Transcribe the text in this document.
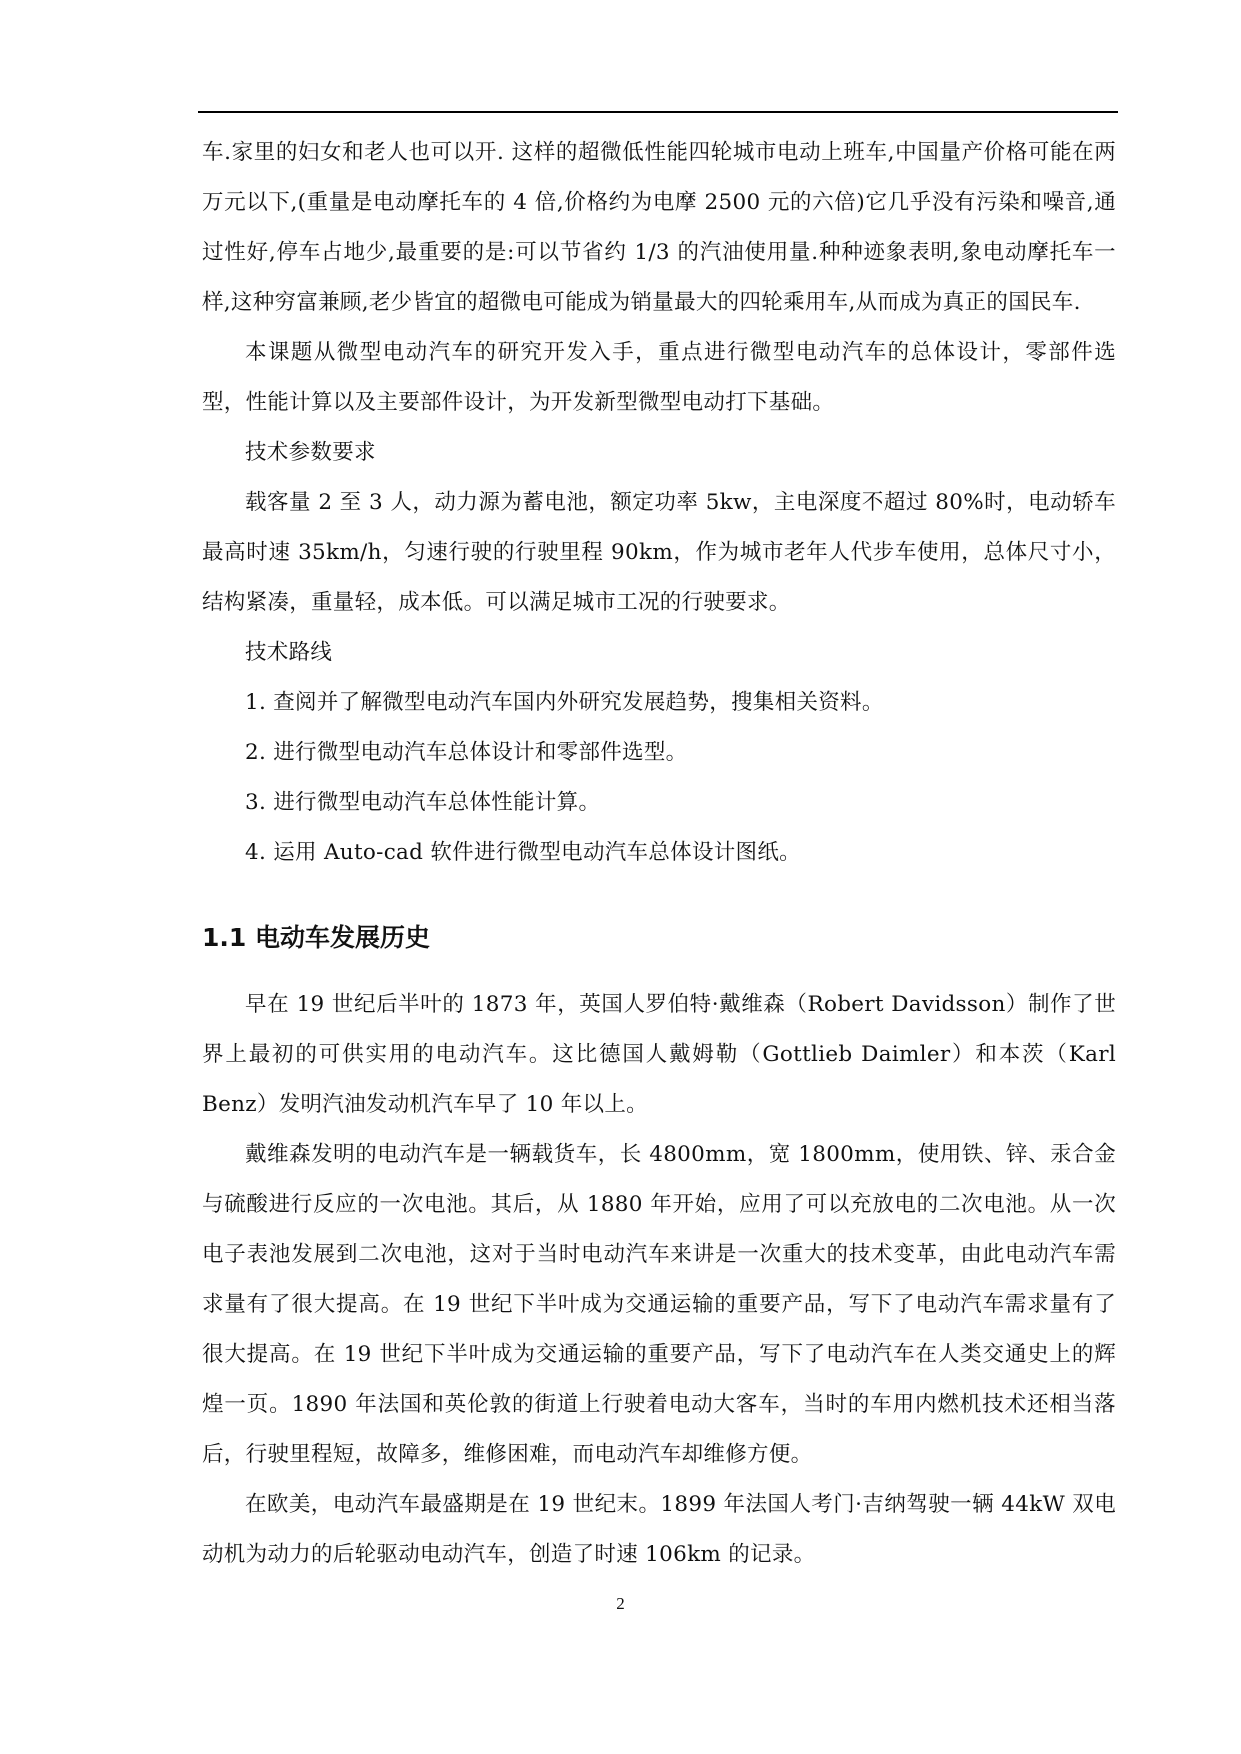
车.家里的妇女和老人也可以开. 这样的超微低性能四轮城市电动上班车,中国量产价格可能在两万元以下,(重量是电动摩托车的 4 倍,价格约为电摩 2500 元的六倍)它几乎没有污染和噪音,通过性好,停车占地少,最重要的是:可以节省约 1/3 的汽油使用量.种种迹象表明,象电动摩托车一样,这种穷富兼顾,老少皆宜的超微电可能成为销量最大的四轮乘用车,从而成为真正的国民车.

本课题从微型电动汽车的研究开发入手，重点进行微型电动汽车的总体设计，零部件选型，性能计算以及主要部件设计，为开发新型微型电动打下基础。

技术参数要求

载客量 2 至 3 人，动力源为蓄电池，额定功率 5kw，主电深度不超过 80%时，电动轿车最高时速 35km/h，匀速行驶的行驶里程 90km，作为城市老年人代步车使用，总体尺寸小，结构紧凑，重量轻，成本低。可以满足城市工况的行驶要求。

技术路线

1. 查阅并了解微型电动汽车国内外研究发展趋势，搜集相关资料。

2. 进行微型电动汽车总体设计和零部件选型。

3. 进行微型电动汽车总体性能计算。

4. 运用 Auto-cad 软件进行微型电动汽车总体设计图纸。

1.1 电动车发展历史

早在 19 世纪后半叶的 1873 年，英国人罗伯特·戴维森（Robert Davidsson）制作了世界上最初的可供实用的电动汽车。这比德国人戴姆勒（Gottlieb Daimler）和本茨（Karl Benz）发明汽油发动机汽车早了 10 年以上。

戴维森发明的电动汽车是一辆载货车，长 4800mm，宽 1800mm，使用铁、锌、汞合金与硫酸进行反应的一次电池。其后，从 1880 年开始，应用了可以充放电的二次电池。从一次电子表池发展到二次电池，这对于当时电动汽车来讲是一次重大的技术变革，由此电动汽车需求量有了很大提高。在 19 世纪下半叶成为交通运输的重要产品，写下了电动汽车需求量有了很大提高。在 19 世纪下半叶成为交通运输的重要产品，写下了电动汽车在人类交通史上的辉煌一页。1890 年法国和英伦敦的街道上行驶着电动大客车，当时的车用内燃机技术还相当落后，行驶里程短，故障多，维修困难，而电动汽车却维修方便。

在欧美，电动汽车最盛期是在 19 世纪末。1899 年法国人考门·吉纳驾驶一辆 44kW 双电动机为动力的后轮驱动电动汽车，创造了时速 106km 的记录。

2
